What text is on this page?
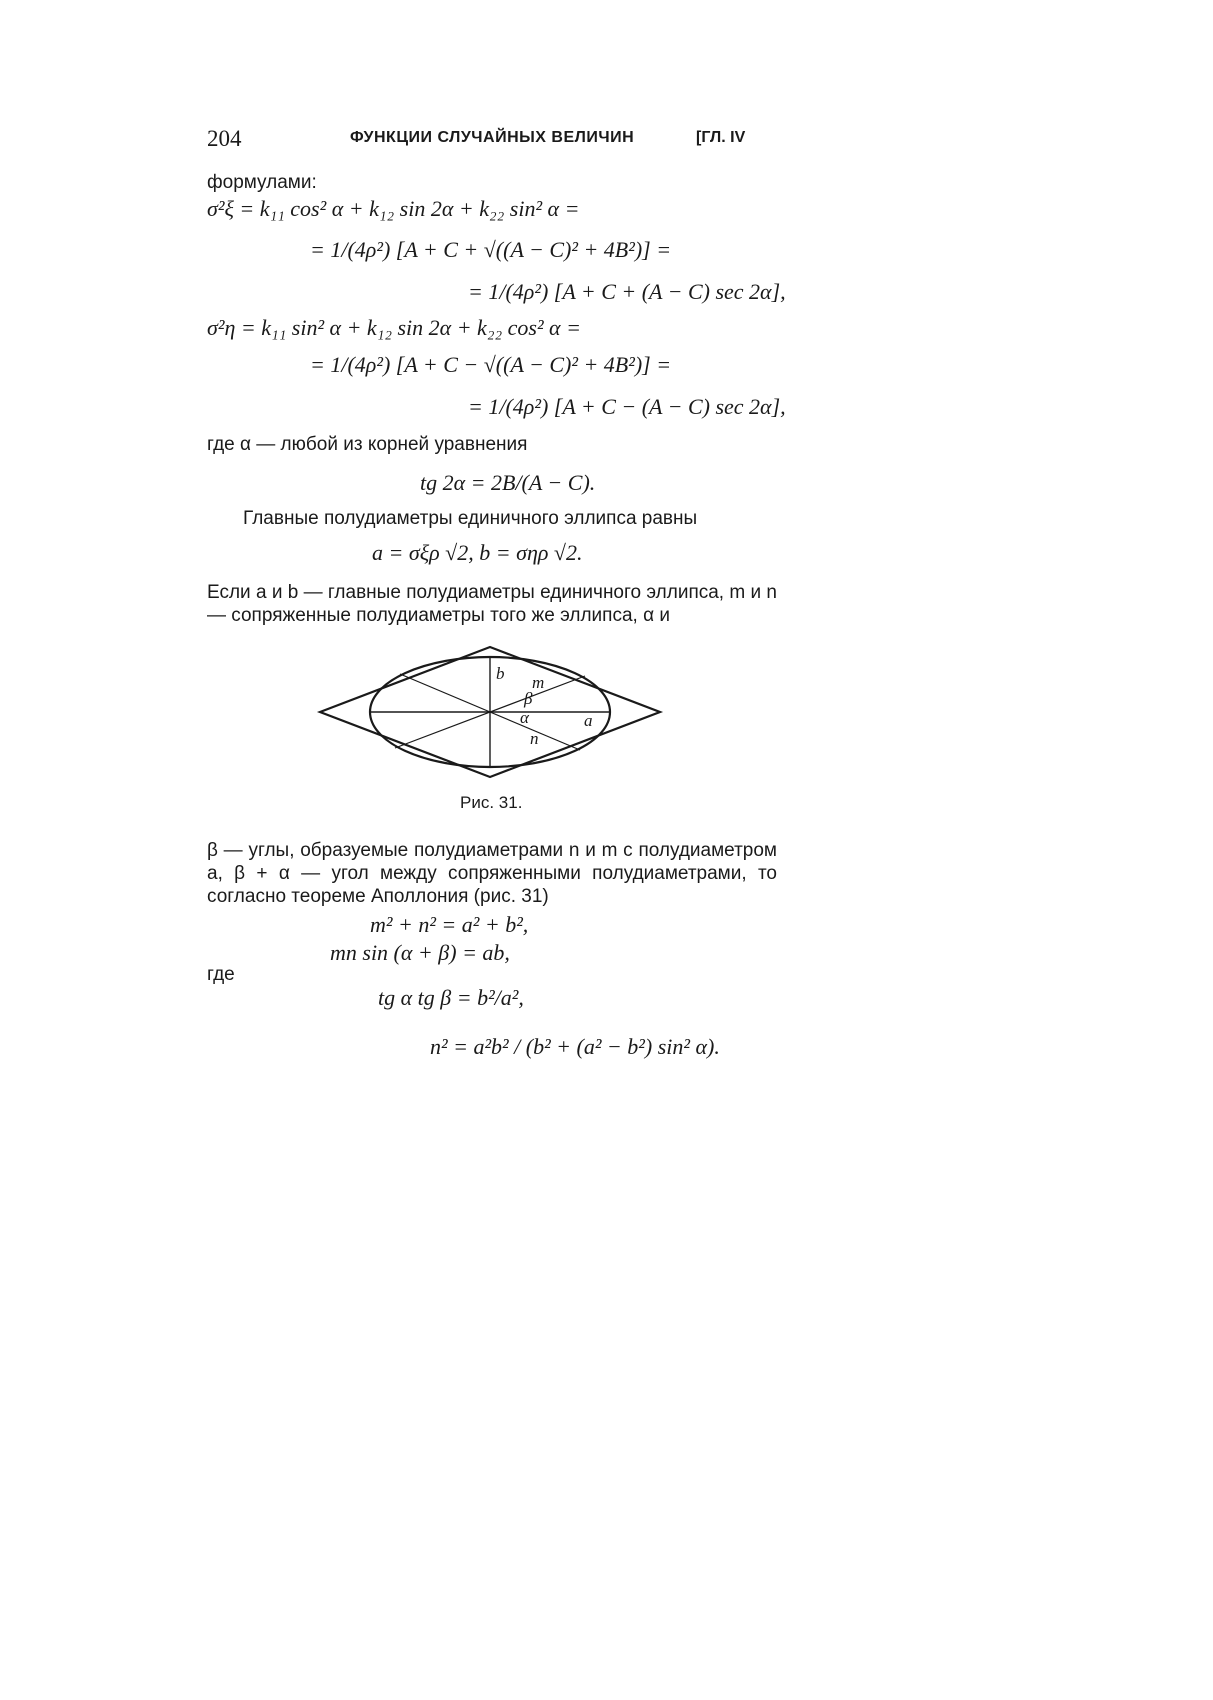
204	ФУНКЦИИ СЛУЧАЙНЫХ ВЕЛИЧИН	[ГЛ. IV
формулами:
σ²ξ = k₁₁ cos² α + k₁₂ sin 2α + k₂₂ sin² α =
= 1/(4ρ²) [A + C + √((A − C)² + 4B²)] =
= 1/(4ρ²) [A + C + (A − C) sec 2α],
σ²η = k₁₁ sin² α + k₁₂ sin 2α + k₂₂ cos² α =
= 1/(4ρ²) [A + C − √((A − C)² + 4B²)] =
= 1/(4ρ²) [A + C − (A − C) sec 2α],
где α — любой из корней уравнения
tg 2α = 2B/(A − C).
Главные полудиаметры единичного эллипса равны
a = σξρ √2, b = σηρ √2.
Если a и b — главные полудиаметры единичного эллипса, m и n — сопряженные полудиаметры того же эллипса, α и
b m
β
α	a
n
Рис. 31.
β — углы, образуемые полудиаметрами n и m с полудиаметром a, β + α — угол между сопряженными полудиаметрами, то согласно теореме Аполлония (рис. 31)
m² + n² = a² + b²,
mn sin (α + β) = ab,
где
tg α tg β = b²/a²,
n² = a²b² / (b² + (a² − b²) sin² α).
